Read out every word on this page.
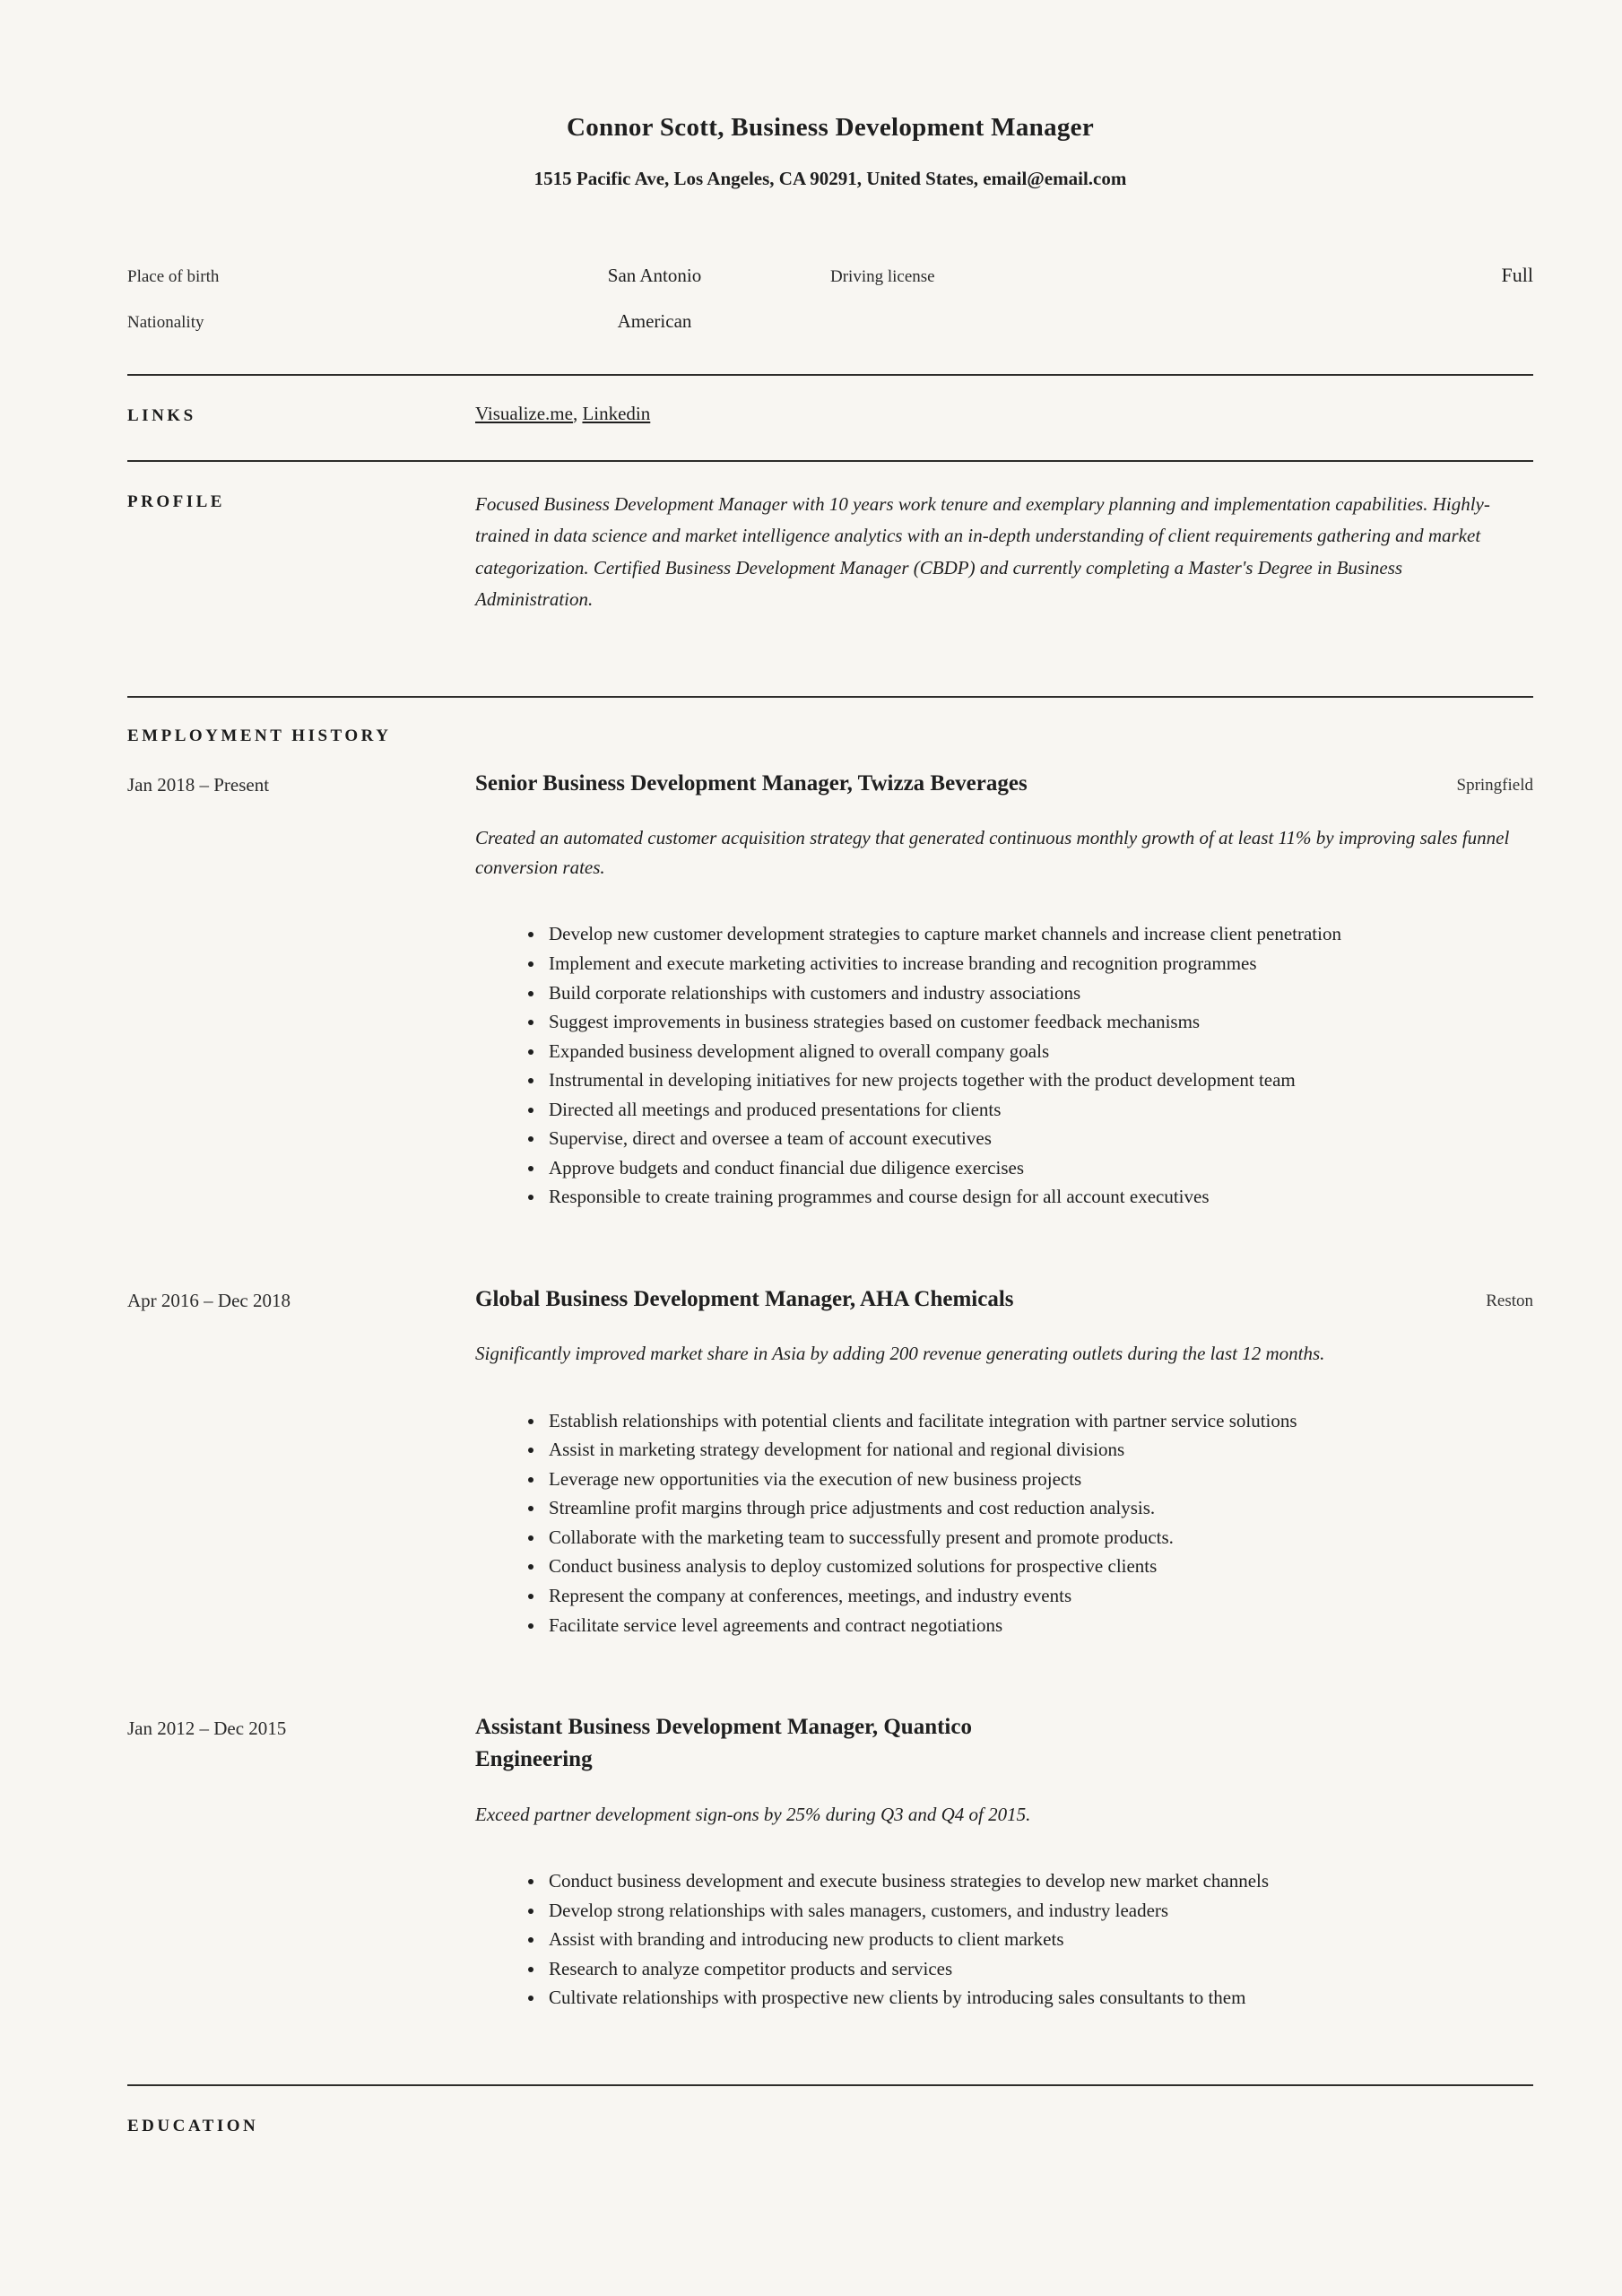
Connor Scott, Business Development Manager
1515 Pacific Ave, Los Angeles, CA 90291, United States, email@email.com
Place of birth	San Antonio	Driving license	Full
Nationality	American
LINKS	Visualize.me, Linkedin
PROFILE	Focused Business Development Manager with 10 years work tenure and exemplary planning and implementation capabilities. Highly-trained in data science and market intelligence analytics with an in-depth understanding of client requirements gathering and market categorization. Certified Business Development Manager (CBDP) and currently completing a Master's Degree in Business Administration.
EMPLOYMENT HISTORY
Jan 2018 – Present	Senior Business Development Manager, Twizza Beverages	Springfield
Created an automated customer acquisition strategy that generated continuous monthly growth of at least 11% by improving sales funnel conversion rates.
• Develop new customer development strategies to capture market channels and increase client penetration
• Implement and execute marketing activities to increase branding and recognition programmes
• Build corporate relationships with customers and industry associations
• Suggest improvements in business strategies based on customer feedback mechanisms
• Expanded business development aligned to overall company goals
• Instrumental in developing initiatives for new projects together with the product development team
• Directed all meetings and produced presentations for clients
• Supervise, direct and oversee a team of account executives
• Approve budgets and conduct financial due diligence exercises
• Responsible to create training programmes and course design for all account executives
Apr 2016 – Dec 2018	Global Business Development Manager, AHA Chemicals	Reston
Significantly improved market share in Asia by adding 200 revenue generating outlets during the last 12 months.
• Establish relationships with potential clients and facilitate integration with partner service solutions
• Assist in marketing strategy development for national and regional divisions
• Leverage new opportunities via the execution of new business projects
• Streamline profit margins through price adjustments and cost reduction analysis.
• Collaborate with the marketing team to successfully present and promote products.
• Conduct business analysis to deploy customized solutions for prospective clients
• Represent the company at conferences, meetings, and industry events
• Facilitate service level agreements and contract negotiations
Jan 2012 – Dec 2015	Assistant Business Development Manager, Quantico Engineering
Exceed partner development sign-ons by 25% during Q3 and Q4 of 2015.
• Conduct business development and execute business strategies to develop new market channels
• Develop strong relationships with sales managers, customers, and industry leaders
• Assist with branding and introducing new products to client markets
• Research to analyze competitor products and services
• Cultivate relationships with prospective new clients by introducing sales consultants to them
EDUCATION
